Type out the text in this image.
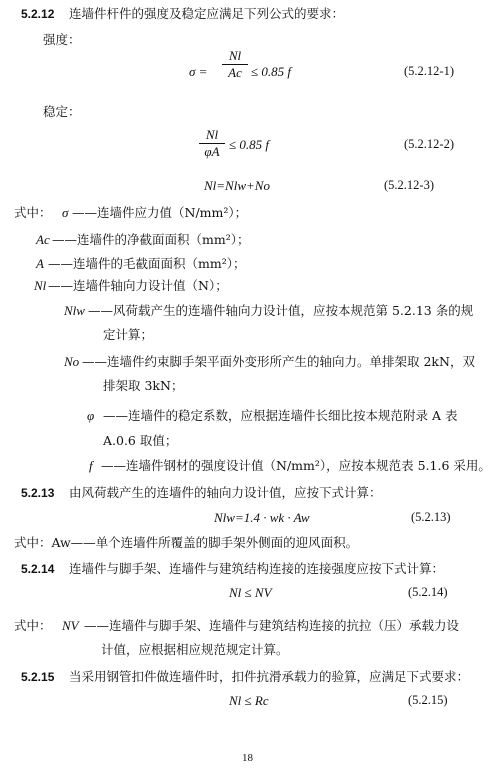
5.2.12 连墙件杆件的强度及稳定应满足下列公式的要求：
强度：
σ =
Nl
Ac ≤ 0.85 f	(5.2.12-1)
稳定：
Nl
φA ≤ 0.85 f	(5.2.12-2)
Nl=Nlw+No	(5.2.12-3)
式中： σ ——连墙件应力值（N/mm²）；
Ac ——连墙件的净截面面积（mm²）；
A ——连墙件的毛截面面积（mm²）；
Nl ——连墙件轴向力设计值（N）；
Nlw ——风荷载产生的连墙件轴向力设计值，应按本规范第 5.2.13 条的规
定计算；
No ——连墙件约束脚手架平面外变形所产生的轴向力。单排架取 2kN，双
排架取 3kN；
φ ——连墙件的稳定系数，应根据连墙件长细比按本规范附录 A 表
A.0.6 取值；
f ——连墙件钢材的强度设计值（N/mm²），应按本规范表 5.1.6 采用。
5.2.13 由风荷载产生的连墙件的轴向力设计值，应按下式计算：
Nlw=1.4 · wk · Aw	(5.2.13)
式中：Aw——单个连墙件所覆盖的脚手架外侧面的迎风面积。
5.2.14 连墙件与脚手架、连墙件与建筑结构连接的连接强度应按下式计算：
Nl ≤ NV	(5.2.14)
式中： NV ——连墙件与脚手架、连墙件与建筑结构连接的抗拉（压）承载力设
计值，应根据相应规范规定计算。
5.2.15 当采用钢管扣件做连墙件时，扣件抗滑承载力的验算，应满足下式要求：
Nl ≤ Rc	(5.2.15)
18
